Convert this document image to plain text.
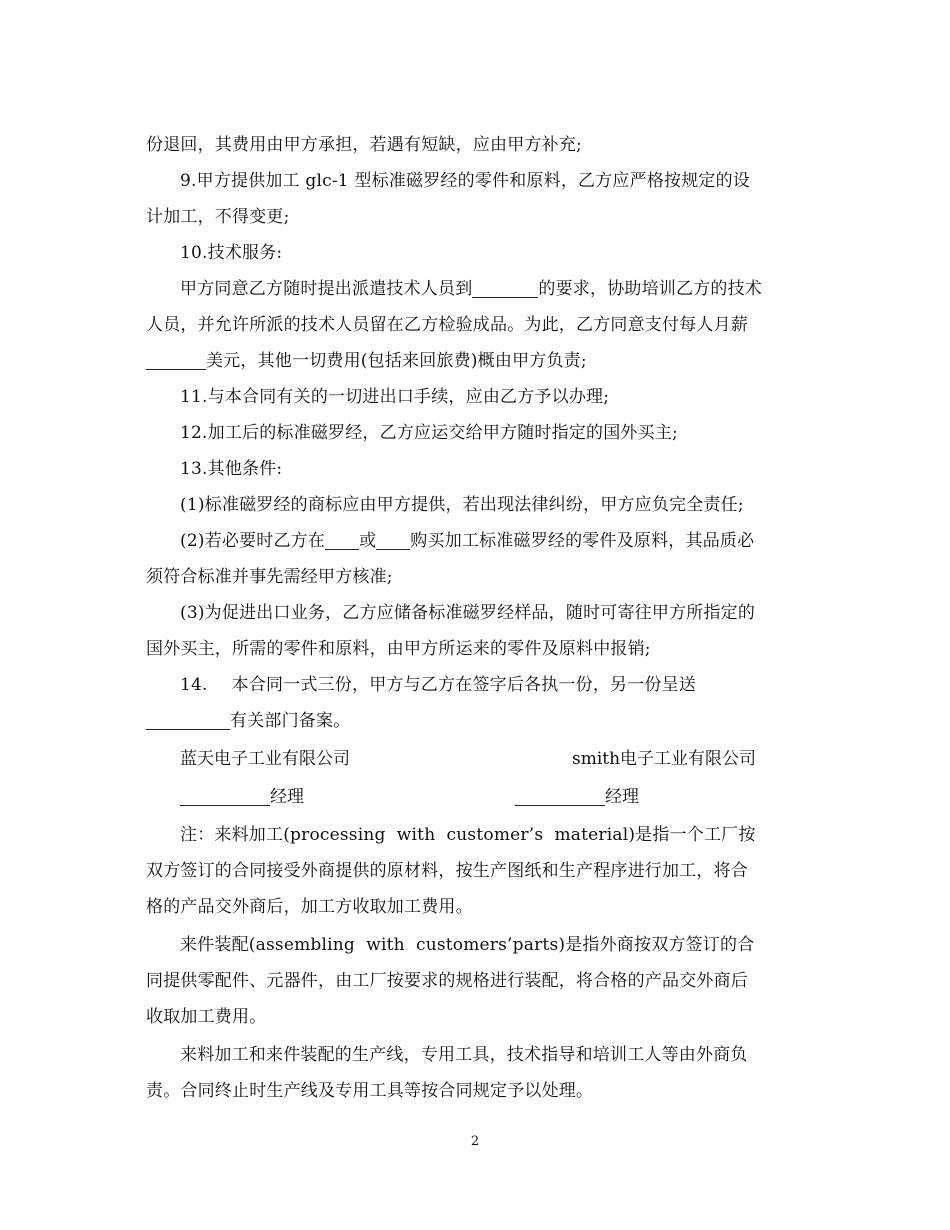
份退回，其费用由甲方承担，若遇有短缺，应由甲方补充;
9.甲方提供加工 glc-1 型标准磁罗经的零件和原料，乙方应严格按规定的设
计加工，不得变更;
10.技术服务:
甲方同意乙方随时提出派遣技术人员到	的要求，协助培训乙方的技术
人员，并允许所派的技术人员留在乙方检验成品。为此，乙方同意支付每人月薪
美元，其他一切费用(包括来回旅费)概由甲方负责;
11.与本合同有关的一切进出口手续，应由乙方予以办理;
12.加工后的标准磁罗经，乙方应运交给甲方随时指定的国外买主;
13.其他条件:
(1)标准磁罗经的商标应由甲方提供，若出现法律纠纷，甲方应负完全责任;
(2)若必要时乙方在 或 购买加工标准磁罗经的零件及原料，其品质必
须符合标准并事先需经甲方核准;
(3)为促进出口业务，乙方应储备标准磁罗经样品，随时可寄往甲方所指定的
国外买主，所需的零件和原料，由甲方所运来的零件及原料中报销;
14. 本合同一式三份，甲方与乙方在签字后各执一份，另一份呈送
有关部门备案。
蓝天电子工业有限公司	smith电子工业有限公司
经理	经理
注：来料加工(processing  with  customer’s  material)是指一个工厂按
双方签订的合同接受外商提供的原材料，按生产图纸和生产程序进行加工，将合
格的产品交外商后，加工方收取加工费用。
来件装配(assembling  with  customers’parts)是指外商按双方签订的合
同提供零配件、元器件，由工厂按要求的规格进行装配，将合格的产品交外商后
收取加工费用。
来料加工和来件装配的生产线，专用工具，技术指导和培训工人等由外商负
责。合同终止时生产线及专用工具等按合同规定予以处理。
2
